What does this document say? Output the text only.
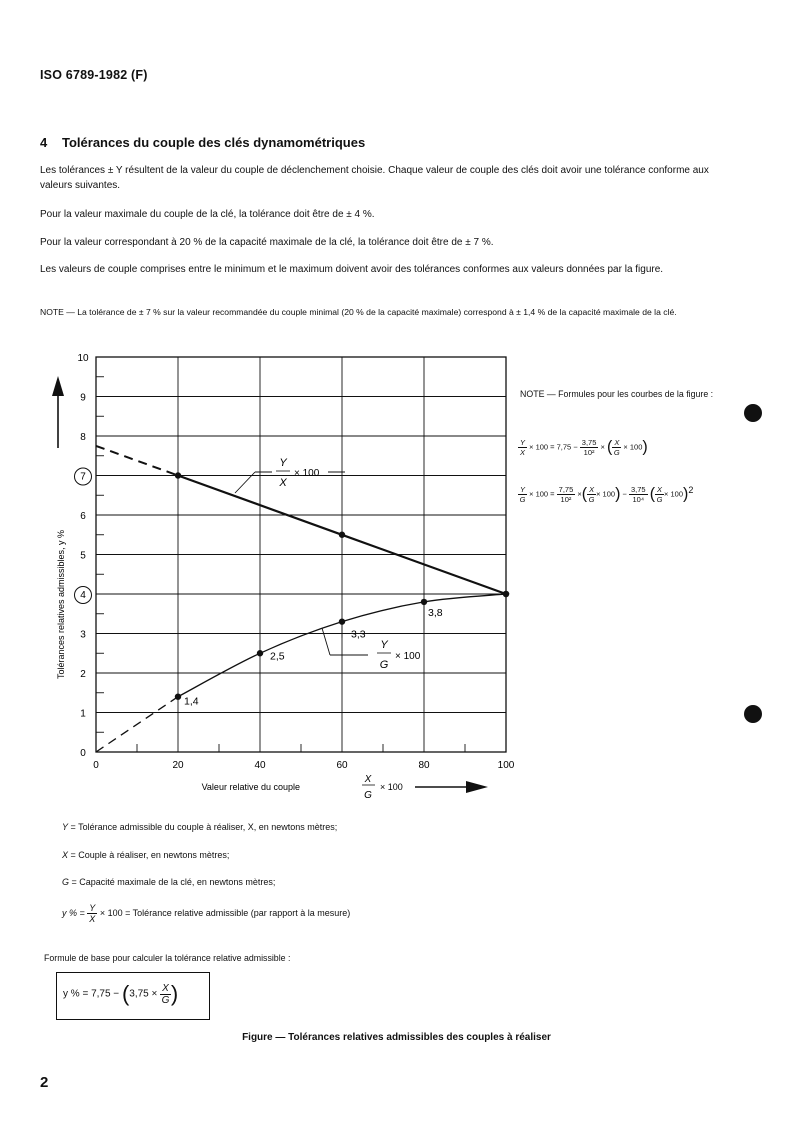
ISO 6789-1982 (F)
4 Tolérances du couple des clés dynamométriques
Les tolérances ± Y résultent de la valeur du couple de déclenchement choisie. Chaque valeur de couple des clés doit avoir une tolérance conforme aux valeurs suivantes.
Pour la valeur maximale du couple de la clé, la tolérance doit être de ± 4 %.
Pour la valeur correspondant à 20 % de la capacité maximale de la clé, la tolérance doit être de ± 7 %.
Les valeurs de couple comprises entre le minimum et le maximum doivent avoir des tolérances conformes aux valeurs données par la figure.
NOTE — La tolérance de ± 7 % sur la valeur recommandée du couple minimal (20 % de la capacité maximale) correspond à ± 1,4 % de la capacité maximale de la clé.
NOTE — Formules pour les courbes de la figure :
$\frac{Y}{X} \times 100 = 7,75 - \frac{3,75}{\text{10²}}$ × ( $\frac{X}{G} \times 100$)
$\frac{Y}{G} \times 100 = \frac{7,75}{\text{10²}}$ ×( $\frac{X}{G} \times 100) - \frac{3,75}{\text{10⁴}}$ ( $\frac{X}{G} \times 100)^2$
0
1
2
3
4
5
6
7
8
9
10
0	20	40	60	80	100
Tolérances relatives admissibles, y %
Valeur relative du couple
X
G
× 100
1,4
2,5
3,3
3,8
Y
X
× 100
Y
G
× 100
Y = Tolérance admissible du couple à réaliser, X, en newtons mètres;
X = Couple à réaliser, en newtons mètres;
G = Capacité maximale de la clé, en newtons mètres;
y % = $\frac{Y}{X} \times 100$ = Tolérance relative admissible (par rapport à la mesure)
Formule de base pour calculer la tolérance relative admissible :
y % = $7,75 - (3,75 \times \frac{X}{G}$ )
Figure — Tolérances relatives admissibles des couples à réaliser
2
